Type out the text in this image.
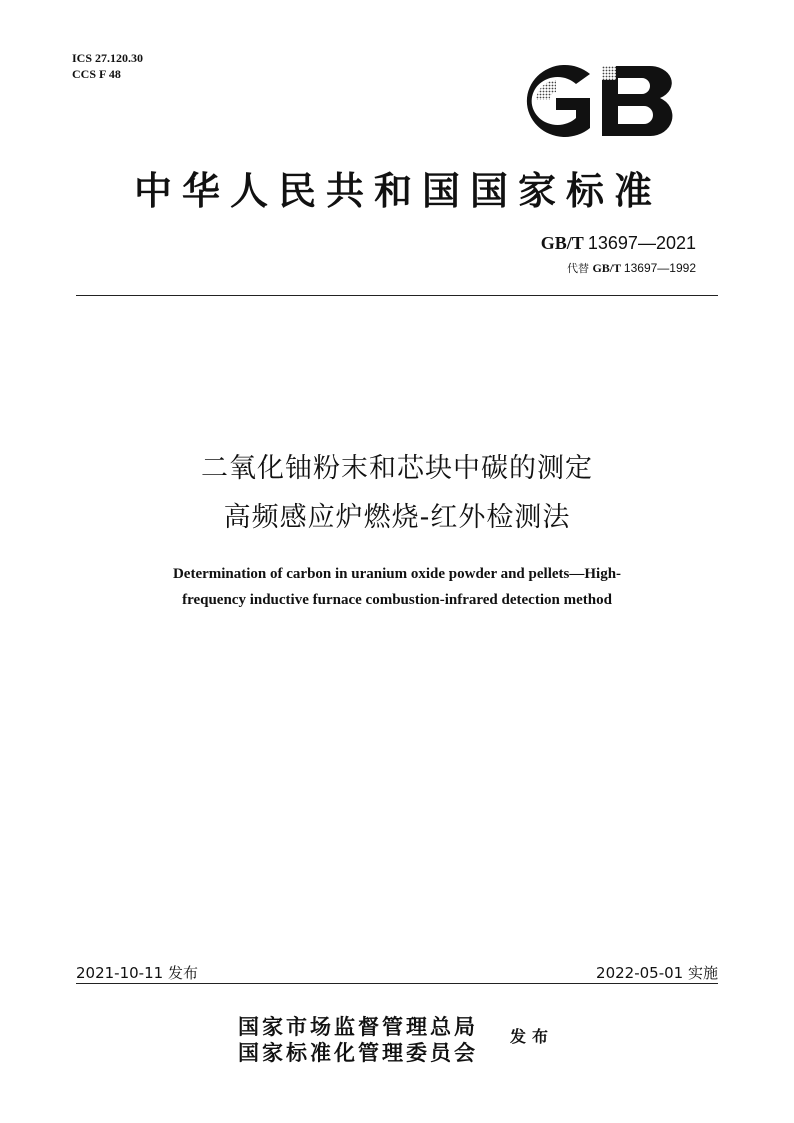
ICS 27.120.30
CCS F 48
中华人民共和国国家标准
GB/T 13697—2021
代替 GB/T 13697—1992
二氧化铀粉末和芯块中碳的测定
高频感应炉燃烧-红外检测法
Determination of carbon in uranium oxide powder and pellets—High-
frequency inductive furnace combustion-infrared detection method
2021-10-11 发布	2022-05-01 实施
国家市场监督管理总局
国家标准化管理委员会
发布
